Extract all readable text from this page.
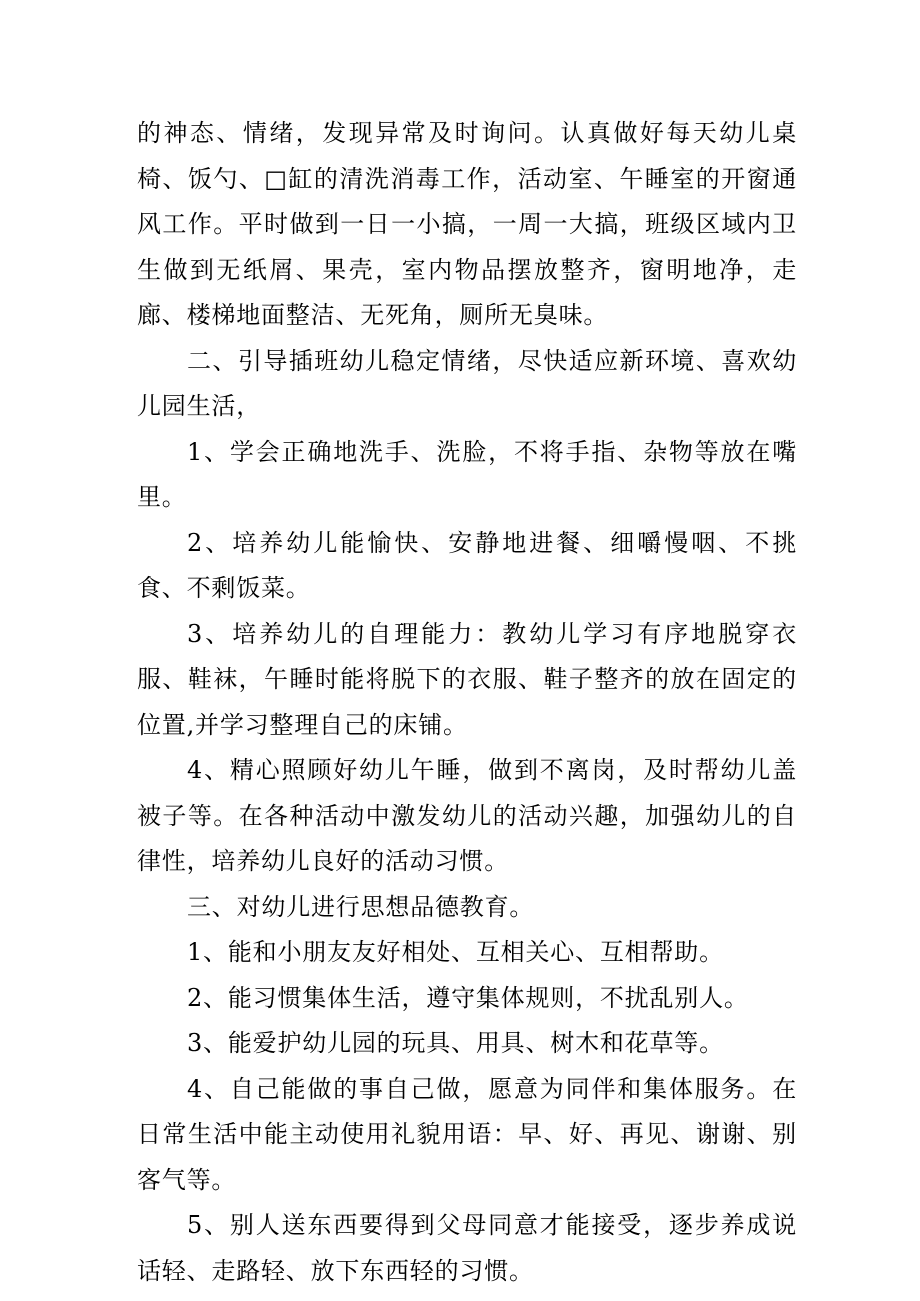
的神态、情绪，发现异常及时询问。认真做好每天幼儿桌椅、饭勺、□缸的清洗消毒工作，活动室、午睡室的开窗通风工作。平时做到一日一小搞，一周一大搞，班级区域内卫生做到无纸屑、果壳，室内物品摆放整齐，窗明地净，走廊、楼梯地面整洁、无死角，厕所无臭味。

二、引导插班幼儿稳定情绪，尽快适应新环境、喜欢幼儿园生活，

1、学会正确地洗手、洗脸，不将手指、杂物等放在嘴里。

2、培养幼儿能愉快、安静地进餐、细嚼慢咽、不挑食、不剩饭菜。

3、培养幼儿的自理能力：教幼儿学习有序地脱穿衣服、鞋袜，午睡时能将脱下的衣服、鞋子整齐的放在固定的位置,并学习整理自己的床铺。

4、精心照顾好幼儿午睡，做到不离岗，及时帮幼儿盖被子等。在各种活动中激发幼儿的活动兴趣，加强幼儿的自律性，培养幼儿良好的活动习惯。

三、对幼儿进行思想品德教育。

1、能和小朋友友好相处、互相关心、互相帮助。

2、能习惯集体生活，遵守集体规则，不扰乱别人。

3、能爱护幼儿园的玩具、用具、树木和花草等。

4、自己能做的事自己做，愿意为同伴和集体服务。在日常生活中能主动使用礼貌用语：早、好、再见、谢谢、别客气等。

5、别人送东西要得到父母同意才能接受，逐步养成说话轻、走路轻、放下东西轻的习惯。
